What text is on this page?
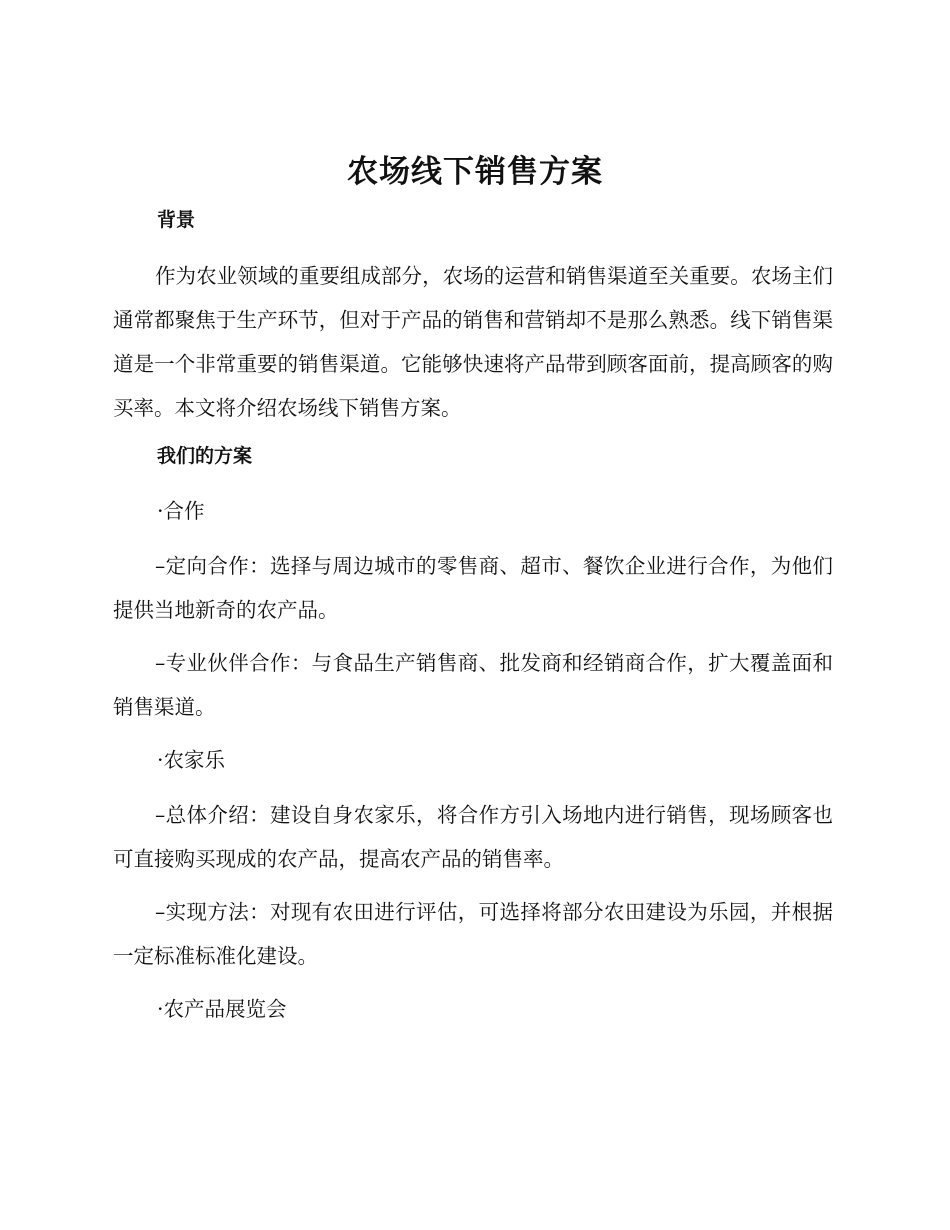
农场线下销售方案
背景

作为农业领域的重要组成部分，农场的运营和销售渠道至关重要。农场主们通常都聚焦于生产环节，但对于产品的销售和营销却不是那么熟悉。线下销售渠道是一个非常重要的销售渠道。它能够快速将产品带到顾客面前，提高顾客的购买率。本文将介绍农场线下销售方案。

我们的方案

·合作

–定向合作：选择与周边城市的零售商、超市、餐饮企业进行合作，为他们提供当地新奇的农产品。

–专业伙伴合作：与食品生产销售商、批发商和经销商合作，扩大覆盖面和销售渠道。

·农家乐

–总体介绍：建设自身农家乐，将合作方引入场地内进行销售，现场顾客也可直接购买现成的农产品，提高农产品的销售率。

–实现方法：对现有农田进行评估，可选择将部分农田建设为乐园，并根据一定标准标准化建设。

·农产品展览会
